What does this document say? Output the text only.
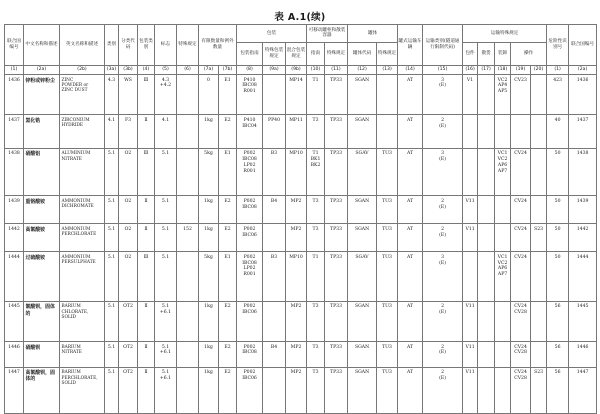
表 A.1(续)
联合国编号	中文名称和描述	英文名称和描述	类别	分类代码	包装类别	标志	特殊规定	有限数量和例外数量		包装			可移动罐柜和散装容器		罐体		罐式运输车辆	运输类别(隧道通行限制代码)	运输特殊规定					危险性识别号	联合国编号	
										包装指南	特殊包装规定	混合包装规定	指南	特殊规定	罐体代码	特殊规定			包件	散货	装卸	操作				
(1)	(2a)	(2b)	(3a)	(3b)	(4)	(5)	(6)	(7a)	(7b)	(8)	(9a)	(9b)	(10)	(11)	(12)	(13)	(14)	(15)	(16)	(17)	(18)	(19)	(20)	(1)	(2a)	
1436	锌粉或锌粉尘	ZINC
POWDER or
ZINC DUST	4.3	WS	Ⅲ	4.3
+4.2		0	E1	P410
IBC08
R001		MP14	T1	TP33	SGAN		AT	3
(E)	V1		VC2
AP4
AP5	CV23		423	1436	
1437	氢化锆	ZIRCONIUM
HYDRIDE	4.1	F3	Ⅱ	4.1		1kg	E2	P410
IBC04	PP40	MP11	T3	TP33	SGAN		AT	2
(E)						40	1437	
1438	硝酸铝	ALUMINIUM
NITRATE	5.1	O2	Ⅲ	5.1		5kg	E1	P002
IBC08
LP02
R001	B3	MP10	T1
BK1
BK2	TP33	SGAV	TU3	AT	3
(E)			VC1
VC2
AP6
AP7	CV24		50	1438	
1439	重铬酸铵	AMMONIUM
DICHROMATE	5.1	O2	Ⅱ	5.1		1kg	E2	P002
IBC08	B4	MP2	T3	TP33	SGAN	TU3	AT	2
(E)	V11			CV24		50	1439	
1442	高氯酸铵	AMMONIUM
PERCHLORATE	5.1	O2	Ⅱ	5.1	152	1kg	E2	P002
IBC06		MP2	T3	TP33	SGAN	TU3	AT	2
(E)	V11			CV24	S23	50	1442	
1444	过硫酸铵	AMMONIUM
PERSULPHATE	5.1	O2	Ⅲ	5.1		5kg	E1	P002
IBC08
LP02
R001	B3	MP10	T1	TP33	SGAV	TU3	AT	3
(E)			VC1
VC2
AP6
AP7	CV24		50	1444	
1445	氯酸钡，固体的	BARIUM
CHLORATE,
SOLID	5.1	OT2	Ⅱ	5.1
+6.1		1kg	E2	P002
IBC06		MP2	T3	TP33	SGAN	TU3	AT	2
(E)	V11			CV24
CV28		56	1445	
1446	硝酸钡	BARIUM
NITRATE	5.1	OT2	Ⅱ	5.1
+6.1		1kg	E2	P002
IBC08	B4	MP2	T3	TP33	SGAN	TU3	AT	2
(E)	V11			CV24
CV28		56	1446	
1447	高氯酸钡，固体的	BARIUM
PERCHLORATE,
SOLID	5.1	OT2	Ⅱ	5.1
+6.1		1kg	E2	P002
IBC06		MP2	T3	TP33	SGAN	TU3	AT	2
(E)	V11			CV24
CV28	S23	56	1447	
